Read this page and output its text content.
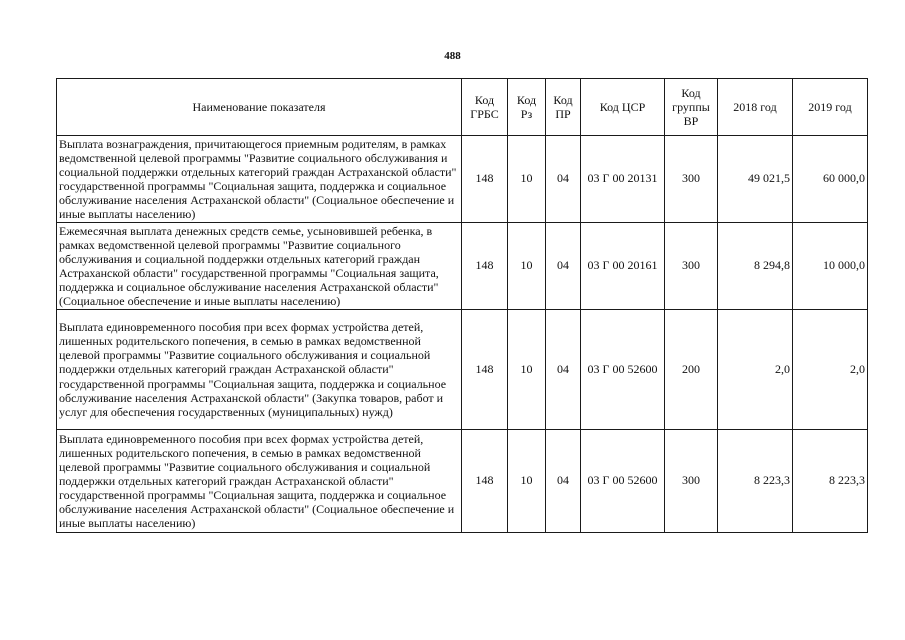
488
Наименование показателя	Код ГРБС	Код Рз	Код ПР	Код ЦСР	Код группы ВР	2018 год	2019 год
Выплата вознаграждения, причитающегося приемным родителям, в рамках ведомственной целевой программы "Развитие социального обслуживания и социальной поддержки отдельных категорий граждан Астраханской области" государственной программы "Социальная защита, поддержка и социальное обслуживание населения Астраханской области" (Социальное обеспечение и иные выплаты населению)	148	10	04	03 Г 00 20131	300	49 021,5	60 000,0
Ежемесячная выплата денежных средств семье, усыновившей ребенка, в рамках ведомственной целевой программы "Развитие социального обслуживания и социальной поддержки отдельных категорий граждан Астраханской области" государственной программы "Социальная защита, поддержка и социальное обслуживание населения Астраханской области" (Социальное обеспечение и иные выплаты населению)	148	10	04	03 Г 00 20161	300	8 294,8	10 000,0
Выплата единовременного пособия при всех формах устройства детей, лишенных родительского попечения, в семью в рамках ведомственной целевой программы "Развитие социального обслуживания и социальной поддержки отдельных категорий граждан Астраханской области" государственной программы "Социальная защита, поддержка и социальное обслуживание населения Астраханской области" (Закупка товаров, работ и услуг для обеспечения государственных (муниципальных) нужд)	148	10	04	03 Г 00 52600	200	2,0	2,0
Выплата единовременного пособия при всех формах устройства детей, лишенных родительского попечения, в семью в рамках ведомственной целевой программы "Развитие социального обслуживания и социальной поддержки отдельных категорий граждан Астраханской области" государственной программы "Социальная защита, поддержка и социальное обслуживание населения Астраханской области" (Социальное обеспечение и иные выплаты населению)	148	10	04	03 Г 00 52600	300	8 223,3	8 223,3
